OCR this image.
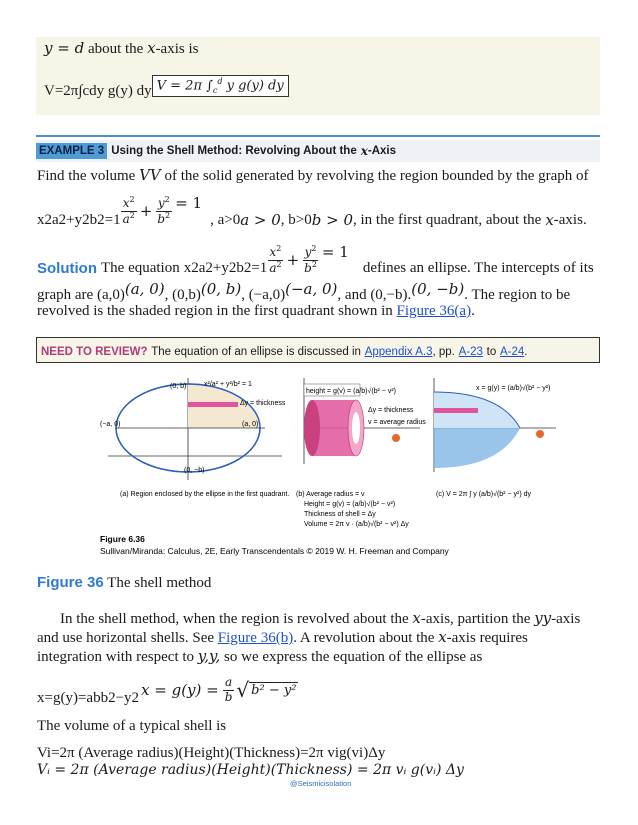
y = d about the x-axis is
V=2π∫cdy g(y) dy V = 2π $\int_c^d$ y g(y) dy
EXAMPLE 3 Using the Shell Method: Revolving About the x -Axis
Find the volume VV of the solid generated by revolving the region bounded by the graph of
$x2a2+y2b2=1 \frac{x^2}{a^2} + \frac{y^2}{b^2} = 1$
, a>0 a > 0 , b>0 b > 0 , in the first quadrant, about the x -axis.
Solution The equation $x2a2+y2b2=1 \frac{x^2}{a^2} + \frac{y^2}{b^2} = 1$
defines an ellipse. The intercepts of its
graph are (a,0)(a, 0), (0,b)(0, b), (−a,0)(−a, 0), and (0,−b).(0, −b). The region to be
revolved is the shaded region in the first quadrant shown in Figure 36(a).
NEED TO REVIEW? The equation of an ellipse is discussed in Appendix A.3, pp. A-23 to A-24.
(0, b)
(a, 0)
(−a, 0)
(0, −b)
Δy = thickness
x²/a² + y²/b² = 1
(a) Region enclosed by the ellipse in the first quadrant.
height = g(v) = (a/b)√(b² − v²)
Δy = thickness
v = average radius
(b) Average radius = v
Height = g(v) = (a/b)√(b² − v²)
Thickness of shell = Δy
Volume = 2π v · (a/b)√(b² − v²) Δy
x = g(y) = (a/b)√(b² − y²)
(c) V = 2π ∫ y (a/b)√(b² − y²) dy
Figure 6.36
Sullivan/Miranda: Calculus, 2E, Early Transcendentals © 2019 W. H. Freeman and Company
Figure 36 The shell method
In the shell method, when the region is revolved about the x-axis, partition the yy-axis
and use horizontal shells. See Figure 36(b). A revolution about the x-axis requires
integration with respect to y,y, so we express the equation of the ellipse as
x=g(y)=abb2−y2 $x = g(y) = \frac{a}{b}$ √ b² − y²
The volume of a typical shell is
Vi=2π (Average radius)(Height)(Thickness)=2π vig(vi)Δy
Vᵢ = 2π (Average radius)(Height)(Thickness) = 2π vᵢ g(vᵢ) Δy
@Seismicisolation
